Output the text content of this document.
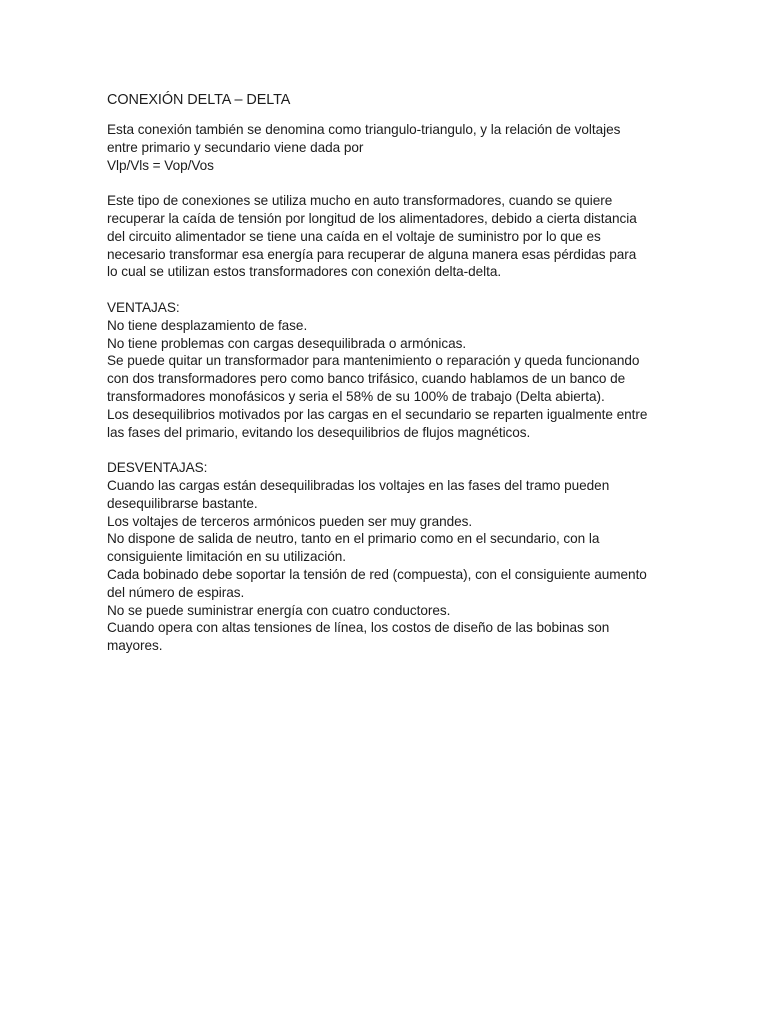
CONEXIÓN DELTA – DELTA

Esta conexión también se denomina como triangulo-triangulo, y la relación de voltajes
entre primario y secundario viene dada por
Vlp/Vls = Vop/Vos

Este tipo de conexiones se utiliza mucho en auto transformadores, cuando se quiere
recuperar la caída de tensión por longitud de los alimentadores, debido a cierta distancia
del circuito alimentador se tiene una caída en el voltaje de suministro por lo que es
necesario transformar esa energía para recuperar de alguna manera esas pérdidas para
lo cual se utilizan estos transformadores con conexión delta-delta.

VENTAJAS:
No tiene desplazamiento de fase.
No tiene problemas con cargas desequilibrada o armónicas.
Se puede quitar un transformador para mantenimiento o reparación y queda funcionando
con dos transformadores pero como banco trifásico, cuando hablamos de un banco de
transformadores monofásicos y seria el 58% de su 100% de trabajo (Delta abierta).
Los desequilibrios motivados por las cargas en el secundario se reparten igualmente entre
las fases del primario, evitando los desequilibrios de flujos magnéticos.
DESVENTAJAS:
Cuando las cargas están desequilibradas los voltajes en las fases del tramo pueden
desequilibrarse bastante.
Los voltajes de terceros armónicos pueden ser muy grandes.
No dispone de salida de neutro, tanto en el primario como en el secundario, con la
consiguiente limitación en su utilización.
Cada bobinado debe soportar la tensión de red (compuesta), con el consiguiente aumento
del número de espiras.
No se puede suministrar energía con cuatro conductores.
Cuando opera con altas tensiones de línea, los costos de diseño de las bobinas son
mayores.
